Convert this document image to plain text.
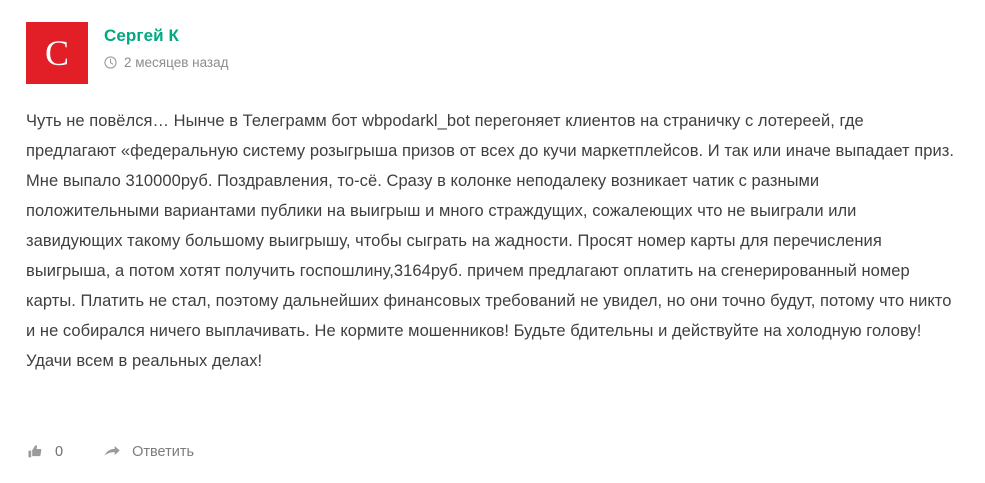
C	Сергей К
2 месяцев назад
Чуть не повёлся… Нынче в Телеграмм бот wbpodarkl_bot перегоняет клиентов на страничку с лотереей, где предлагают «федеральную систему розыгрыша призов от всех до кучи маркетплейсов. И так или иначе выпадает приз. Мне выпало 310000руб. Поздравления, то-сё. Сразу в колонке неподалеку возникает чатик с разными положительными вариантами публики на выигрыш и много страждущих, сожалеющих что не выиграли или завидующих такому большому выигрышу, чтобы сыграть на жадности. Просят номер карты для перечисления выигрыша, а потом хотят получить госпошлину,3164руб. причем предлагают оплатить на сгенерированный номер карты. Платить не стал, поэтому дальнейших финансовых требований не увидел, но они точно будут, потому что никто и не собирался ничего выплачивать. Не кормите мошенников! Будьте бдительны и действуйте на холодную голову! Удачи всем в реальных делах!
0	Ответить
